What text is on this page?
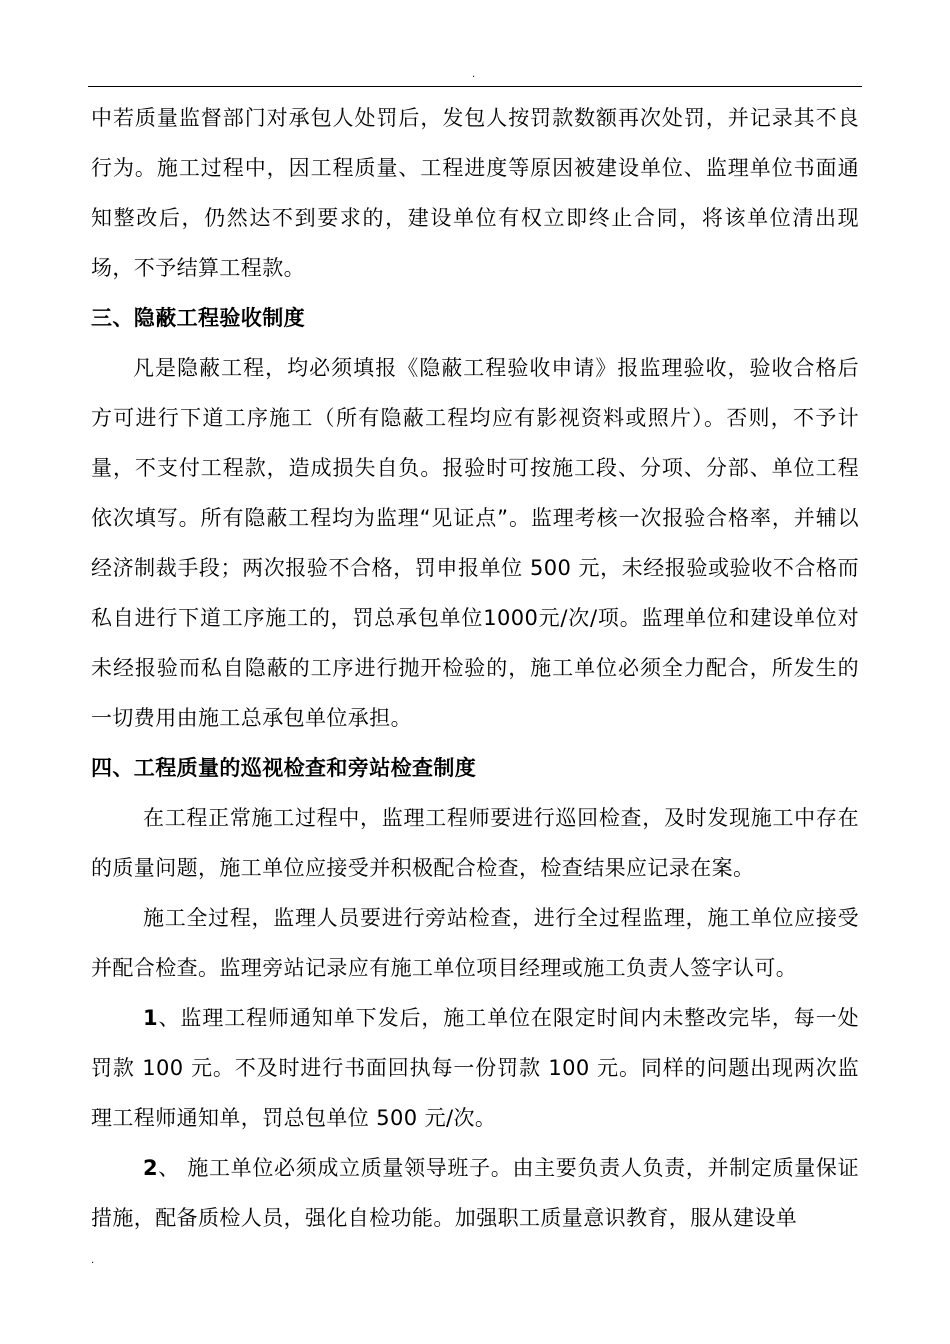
.

中若质量监督部门对承包人处罚后，发包人按罚款数额再次处罚，并记录其不良行为。施工过程中，因工程质量、工程进度等原因被建设单位、监理单位书面通知整改后，仍然达不到要求的，建设单位有权立即终止合同，将该单位清出现场，不予结算工程款。

三、隐蔽工程验收制度

凡是隐蔽工程，均必须填报《隐蔽工程验收申请》报监理验收，验收合格后方可进行下道工序施工（所有隐蔽工程均应有影视资料或照片）。否则，不予计量，不支付工程款，造成损失自负。报验时可按施工段、分项、分部、单位工程依次填写。所有隐蔽工程均为监理“见证点”。监理考核一次报验合格率，并辅以经济制裁手段；两次报验不合格，罚申报单位 500 元，未经报验或验收不合格而私自进行下道工序施工的，罚总承包单位1000元/次/项。监理单位和建设单位对未经报验而私自隐蔽的工序进行抛开检验的，施工单位必须全力配合，所发生的一切费用由施工总承包单位承担。

四、工程质量的巡视检查和旁站检查制度

在工程正常施工过程中，监理工程师要进行巡回检查，及时发现施工中存在的质量问题，施工单位应接受并积极配合检查，检查结果应记录在案。

施工全过程，监理人员要进行旁站检查，进行全过程监理，施工单位应接受并配合检查。监理旁站记录应有施工单位项目经理或施工负责人签字认可。

1、监理工程师通知单下发后，施工单位在限定时间内未整改完毕，每一处罚款 100 元。不及时进行书面回执每一份罚款 100 元。同样的问题出现两次监理工程师通知单，罚总包单位 500 元/次。

2、 施工单位必须成立质量领导班子。由主要负责人负责，并制定质量保证措施，配备质检人员，强化自检功能。加强职工质量意识教育，服从建设单

.
